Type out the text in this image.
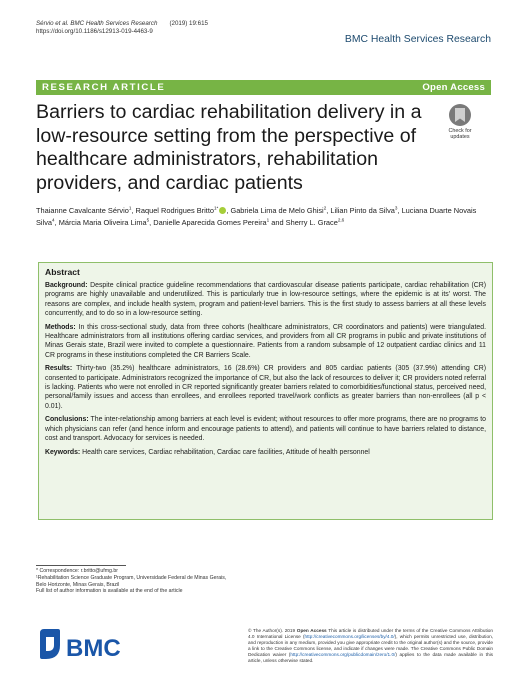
Sérvio et al. BMC Health Services Research (2019) 19:615
https://doi.org/10.1186/s12913-019-4463-9
BMC Health Services Research
RESEARCH ARTICLE	Open Access
Barriers to cardiac rehabilitation delivery in a low-resource setting from the perspective of healthcare administrators, rehabilitation providers, and cardiac patients
Check for
updates
Thaianne Cavalcante Sérvio$^1$, Raquel Rodrigues Britto$^{1*}$ , Gabriela Lima de Melo Ghisi$^2$, Lilian Pinto da Silva$^3$, Luciana Duarte Novais Silva$^4$, Márcia Maria Oliveira Lima$^5$, Danielle Aparecida Gomes Pereira$^1$ and Sherry L. Grace$^{2,6}$
Abstract

Background: Despite clinical practice guideline recommendations that cardiovascular disease patients participate, cardiac rehabilitation (CR) programs are highly unavailable and underutilized. This is particularly true in low-resource settings, where the epidemic is at its' worst. The reasons are complex, and include health system, program and patient-level barriers. This is the first study to assess barriers at all these levels concurrently, and to do so in a low-resource setting.

Methods: In this cross-sectional study, data from three cohorts (healthcare administrators, CR coordinators and patients) were triangulated. Healthcare administrators from all institutions offering cardiac services, and providers from all CR programs in public and private institutions of Minas Gerais state, Brazil were invited to complete a questionnaire. Patients from a random subsample of 12 outpatient cardiac clinics and 11 CR programs in these institutions completed the CR Barriers Scale.

Results: Thirty-two (35.2%) healthcare administrators, 16 (28.6%) CR providers and 805 cardiac patients (305 (37.9%) attending CR) consented to participate. Administrators recognized the importance of CR, but also the lack of resources to deliver it; CR providers noted referral is lacking. Patients who were not enrolled in CR reported significantly greater barriers related to comorbidities/functional status, perceived need, personal/family issues and access than enrollees, and enrollees reported travel/work conflicts as greater barriers than non-enrollees (all p < 0.01).

Conclusions: The inter-relationship among barriers at each level is evident; without resources to offer more programs, there are no programs to which physicians can refer (and hence inform and encourage patients to attend), and patients will continue to have barriers related to distance, cost and transport. Advocacy for services is needed.

Keywords: Health care services, Cardiac rehabilitation, Cardiac care facilities, Attitude of health personnel

* Correspondence: r.britto@ufmg.br
¹Rehabilitation Science Graduate Program, Universidade Federal de Minas Gerais, Belo Horizonte, Minas Gerais, Brazil
Full list of author information is available at the end of the article
BMC
© The Author(s). 2019 Open Access This article is distributed under the terms of the Creative Commons Attribution 4.0 International License (http://creativecommons.org/licenses/by/4.0/), which permits unrestricted use, distribution, and reproduction in any medium, provided you give appropriate credit to the original author(s) and the source, provide a link to the Creative Commons license, and indicate if changes were made. The Creative Commons Public Domain Dedication waiver (http://creativecommons.org/publicdomain/zero/1.0/) applies to the data made available in this article, unless otherwise stated.
